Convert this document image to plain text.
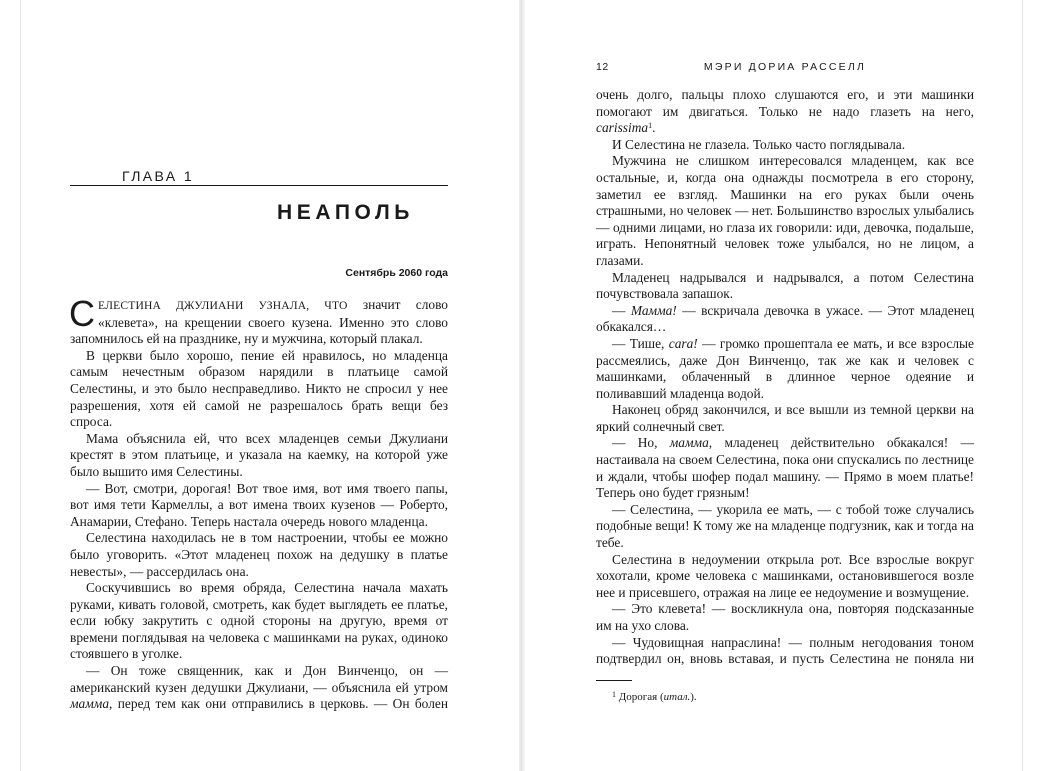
ГЛАВА 1
НЕАПОЛЬ
Сентябрь 2060 года

СЕЛЕСТИНА ДЖУЛИАНИ УЗНАЛА, ЧТО значит слово «клевета», на крещении своего кузена. Именно это слово запомнилось ей на празднике, ну и мужчина, который плакал.

В церкви было хорошо, пение ей нравилось, но младенца самым нечестным образом нарядили в платьице самой Селестины, и это было несправедливо. Никто не спросил у нее разрешения, хотя ей самой не разрешалось брать вещи без спроса.

Мама объяснила ей, что всех младенцев семьи Джулиани крестят в этом платьице, и указала на каемку, на которой уже было вышито имя Селестины.

— Вот, смотри, дорогая! Вот твое имя, вот имя твоего папы, вот имя тети Кармеллы, а вот имена твоих кузенов — Роберто, Анамарии, Стефано. Теперь настала очередь нового младенца.

Селестина находилась не в том настроении, чтобы ее можно было уговорить. «Этот младенец похож на дедушку в платье невесты», — рассердилась она.

Соскучившись во время обряда, Селестина начала махать руками, кивать головой, смотреть, как будет выглядеть ее платье, если юбку закрутить с одной стороны на другую, время от времени поглядывая на человека с машинками на руках, одиноко стоявшего в уголке.

— Он тоже священник, как и Дон Винченцо, он — американский кузен дедушки Джулиани, — объяснила ей утром мамма, перед тем как они отправились в церковь. — Он болен

12	МЭРИ ДОРИА РАССЕЛЛ

очень долго, пальцы плохо слушаются его, и эти машинки помогают им двигаться. Только не надо глазеть на него, carissima$^1$.

И Селестина не глазела. Только часто поглядывала.

Мужчина не слишком интересовался младенцем, как все остальные, и, когда она однажды посмотрела в его сторону, заметил ее взгляд. Машинки на его руках были очень страшными, но человек — нет. Большинство взрослых улыбались — одними лицами, но глаза их говорили: иди, девочка, подальше, играть. Непонятный человек тоже улыбался, но не лицом, а глазами.

Младенец надрывался и надрывался, а потом Селестина почувствовала запашок.

— Мамма! — вскричала девочка в ужасе. — Этот младенец обкакался…

— Тише, cara! — громко прошептала ее мать, и все взрослые рассмеялись, даже Дон Винченцо, так же как и человек с машинками, облаченный в длинное черное одеяние и поливавший младенца водой.

Наконец обряд закончился, и все вышли из темной церкви на яркий солнечный свет.

— Но, мамма, младенец действительно обкакался! — настаивала на своем Селестина, пока они спускались по лестнице и ждали, чтобы шофер подал машину. — Прямо в моем платье! Теперь оно будет грязным!

— Селестина, — укорила ее мать, — с тобой тоже случались подобные вещи! К тому же на младенце подгузник, как и тогда на тебе.

Селестина в недоумении открыла рот. Все взрослые вокруг хохотали, кроме человека с машинками, остановившегося возле нее и присевшего, отражая на лице ее недоумение и возмущение.

— Это клевета! — воскликнула она, повторяя подсказанные им на ухо слова.

— Чудовищная напраслина! — полным негодования тоном подтвердил он, вновь вставая, и пусть Селестина не поняла ни

$^1$ Дорогая (итал.).
